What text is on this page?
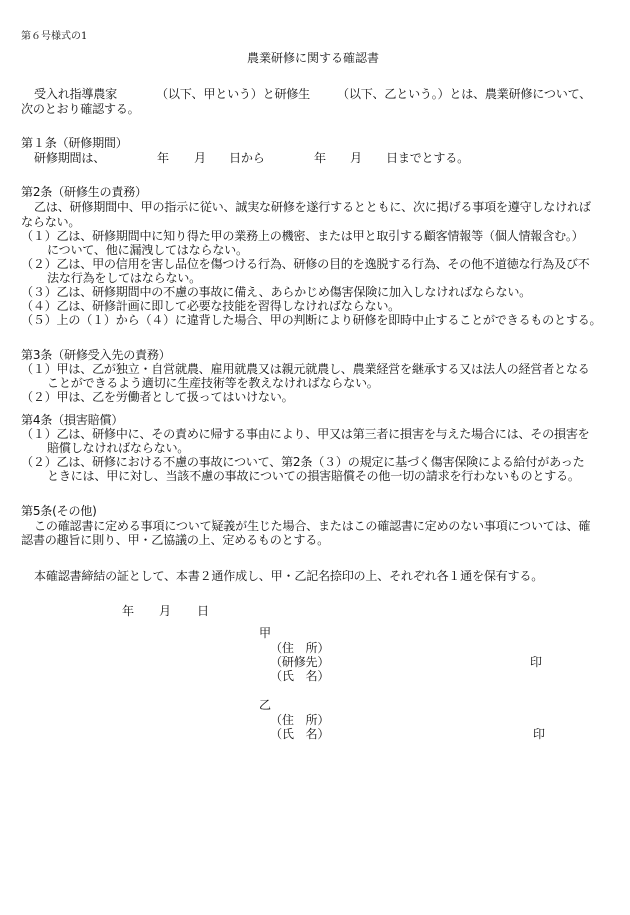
第６号様式の1
農業研修に関する確認書
受入れ指導農家	（以下、甲という）と研修生 （以下、乙という。）とは、農業研修について、
次のとおり確認する。
第１条（研修期間）
研修期間は、	年 月 日から	年 月 日までとする。
第2条（研修生の責務）
乙は、研修期間中、甲の指示に従い、誠実な研修を遂行するとともに、次に掲げる事項を遵守しなければ
ならない。
（１）乙は、研修期間中に知り得た甲の業務上の機密、または甲と取引する顧客情報等（個人情報含む。）
について、他に漏洩してはならない。
（２）乙は、甲の信用を害し品位を傷つける行為、研修の目的を逸脱する行為、その他不道徳な行為及び不
法な行為をしてはならない。
（３）乙は、研修期間中の不慮の事故に備え、あらかじめ傷害保険に加入しなければならない。
（４）乙は、研修計画に即して必要な技能を習得しなければならない。
（５）上の（１）から（４）に違背した場合、甲の判断により研修を即時中止することができるものとする。
第3条（研修受入先の責務）
（１）甲は、乙が独立・自営就農、雇用就農又は親元就農し、農業経営を継承する又は法人の経営者となる
ことができるよう適切に生産技術等を教えなければならない。
（２）甲は、乙を労働者として扱ってはいけない。
第4条（損害賠償）
（１）乙は、研修中に、その責めに帰する事由により、甲又は第三者に損害を与えた場合には、その損害を
賠償しなければならない。
（２）乙は、研修における不慮の事故について、第2条（３）の規定に基づく傷害保険による給付があった
ときには、甲に対し、当該不慮の事故についての損害賠償その他一切の請求を行わないものとする。
第5条(その他)
この確認書に定める事項について疑義が生じた場合、またはこの確認書に定めのない事項については、確
認書の趣旨に則り、甲・乙協議の上、定めるものとする。
本確認書締結の証として、本書２通作成し、甲・乙記名捺印の上、それぞれ各１通を保有する。
年 月 日
甲
（住　所）
（研修先）	印
（氏　名）
乙
（住　所）
（氏　名）	印
